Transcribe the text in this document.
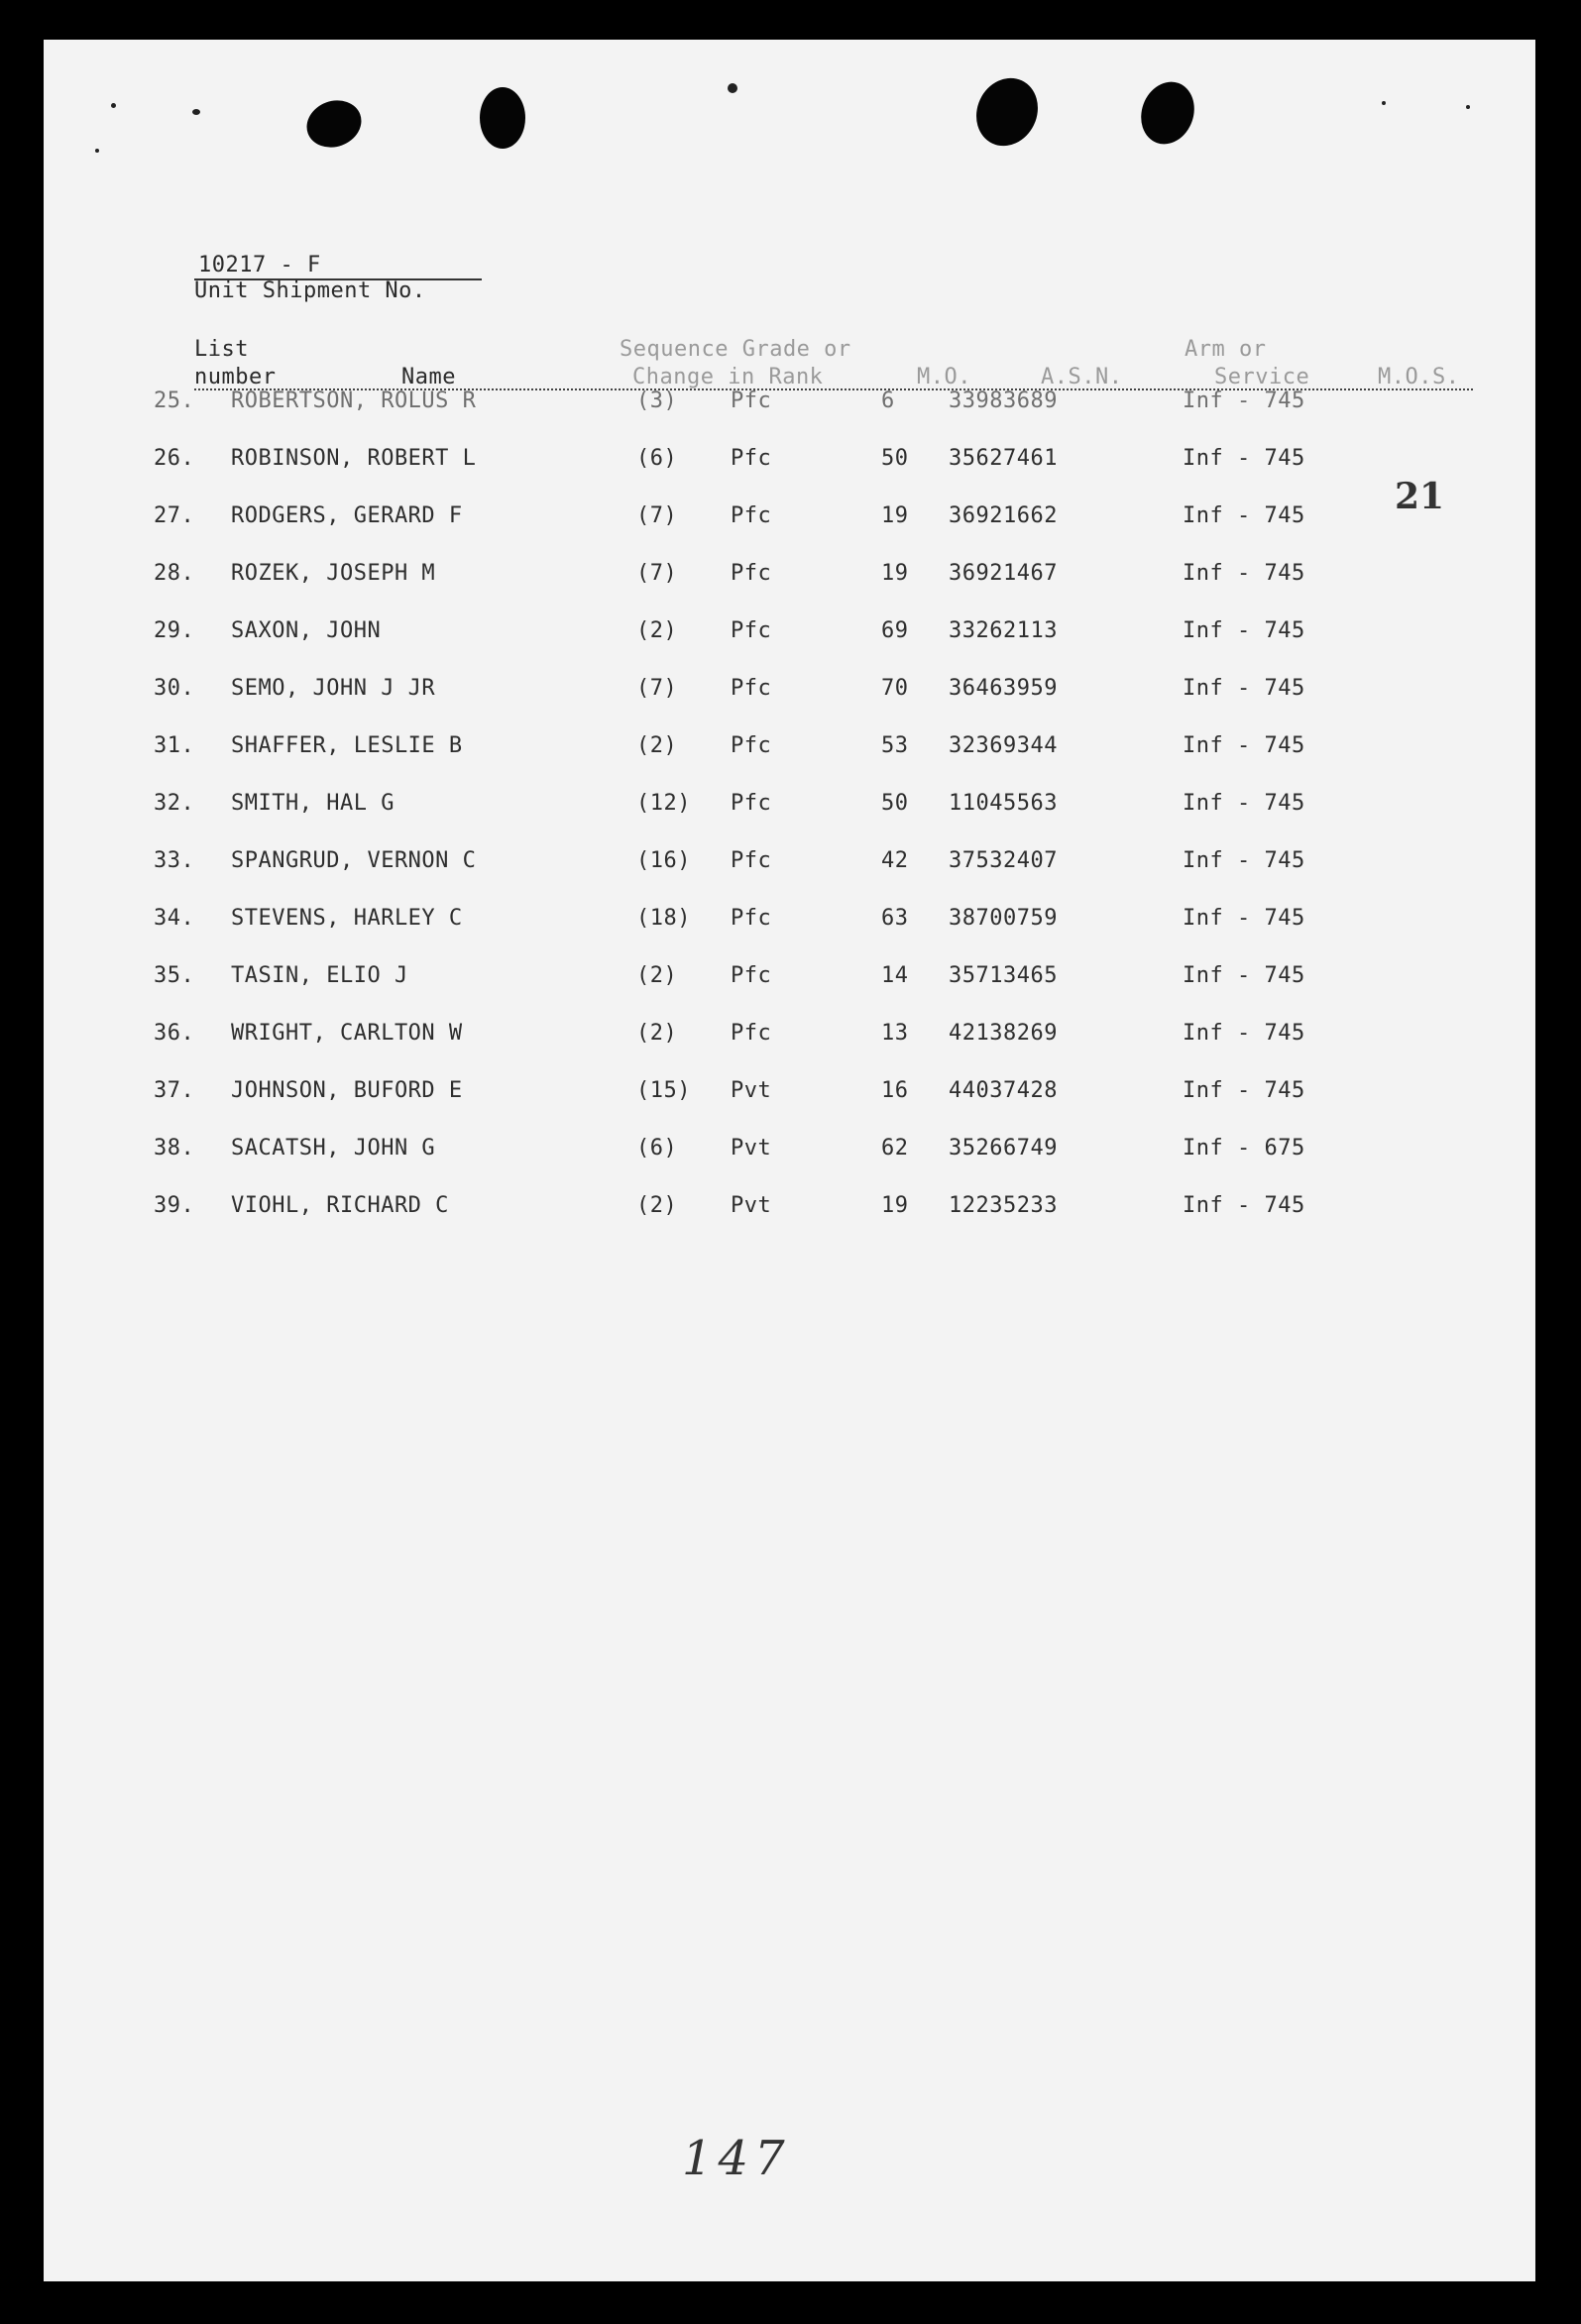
10217 - F
Unit Shipment No.
List
number	Name
Sequence Grade or
Change in Rank	M.O.	A.S.N.
Arm or
Service	M.O.S.
25. ROBERTSON, ROLUS R	(3) Pfc	6 33983689	Inf - 745
26. ROBINSON, ROBERT L	(6) Pfc	50 35627461	Inf - 745
27. RODGERS, GERARD F	(7) Pfc	19 36921662	Inf - 745
28. ROZEK, JOSEPH M	(7) Pfc	19 36921467	Inf - 745
29. SAXON, JOHN	(2) Pfc	69 33262113	Inf - 745
30. SEMO, JOHN J JR	(7) Pfc	70 36463959	Inf - 745
31. SHAFFER, LESLIE B	(2) Pfc	53 32369344	Inf - 745
32. SMITH, HAL G	(12) Pfc	50 11045563	Inf - 745
33. SPANGRUD, VERNON C	(16) Pfc	42 37532407	Inf - 745
34. STEVENS, HARLEY C	(18) Pfc	63 38700759	Inf - 745
35. TASIN, ELIO J	(2) Pfc	14 35713465	Inf - 745
36. WRIGHT, CARLTON W	(2) Pfc	13 42138269	Inf - 745
37. JOHNSON, BUFORD E	(15) Pvt	16 44037428	Inf - 745
38. SACATSH, JOHN G	(6) Pvt	62 35266749	Inf - 675
39. VIOHL, RICHARD C	(2) Pvt	19 12235233	Inf - 745
21
147
